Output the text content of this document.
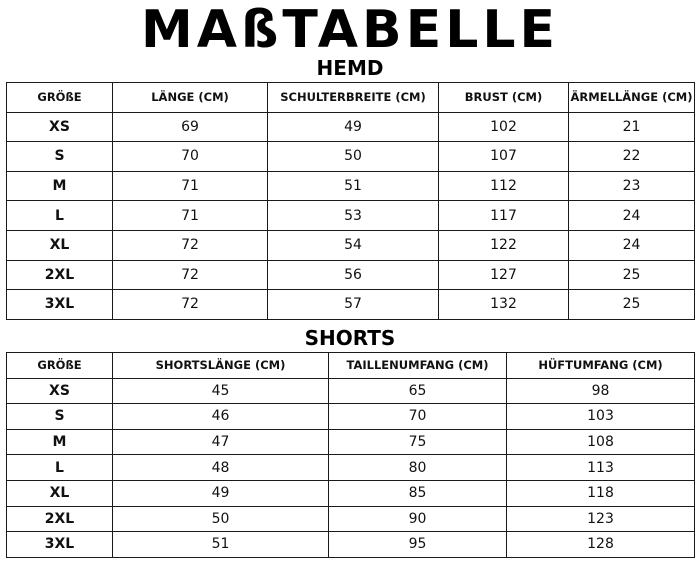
MAßTABELLE
HEMD
GRÖßE	LÄNGE (CM)	SCHULTERBREITE (CM)	BRUST (CM)	ÄRMELLÄNGE (CM)
XS	69	49	102	21
S	70	50	107	22
M	71	51	112	23
L	71	53	117	24
XL	72	54	122	24
2XL	72	56	127	25
3XL	72	57	132	25
SHORTS
GRÖßE	SHORTSLÄNGE (CM)	TAILLENUMFANG (CM)	HÜFTUMFANG (CM)
XS	45	65	98
S	46	70	103
M	47	75	108
L	48	80	113
XL	49	85	118
2XL	50	90	123
3XL	51	95	128
